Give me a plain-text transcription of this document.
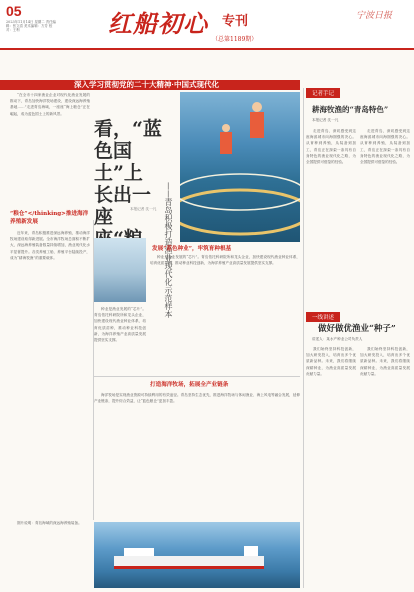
05
2023年11月14日 星期二 责任编辑：张文清 美术编辑：方芳 校对：王利	红船初心 专刊
（总第1189期）
宁波日报
深入学习贯彻党的二十大精神·中国式现代化
看，“蓝色国土”上长出一座	——青岛积极打造渔业现代化示范样本
本报记者 沈一凡

“在全市十四家渔业企业对现代化渔业发展的推动下，青岛加快海洋牧场建设，建设深远海养殖基地……”走进青岛海域，一座座“海上粮仓”正在崛起，成为蓝色国土上的新风景。

“粮仓”</thinking>推进海洋养殖新发展

近年来，青岛积极推进深远海养殖，推动海洋牧场建设取得新进展。全市海洋牧场总面积不断扩大，深远海养殖装备数量持续增加，渔业现代化水平显著提升。各类养殖工船、养殖平台陆续投产，成为“耕海牧渔”的重要载体。

发展“蓝色种业”，牢筑育种根基

种业是渔业发展的“芯片”。青岛依托科研院所和龙头企业，加快建设现代渔业种业体系，培育优质苗种，推动种业科技创新，为海洋养殖产业高质量发展提供坚实支撑。

种业是渔业发展的“芯片”。青岛依托科研院所和龙头企业，加快建设现代渔业种业体系，培育优质苗种，推动种业科技创新，为海洋养殖产业高质量发展提供坚实支撑。

打造海洋牧场，拓展全产业链条

海洋牧场是实现渔业资源可持续利用的有效途径。青岛坚持生态优先，推进海洋牧场与休闲渔业、海上风电等融合发展，延伸产业链条，提升综合效益，让“蓝色粮仓”更加丰盈。

图片说明：青岛海域的深远海养殖装备。

记者手记
耕海牧渔的“青岛特色”
本报记者 沈一凡

走进青岛，深切感受到这座海滨城市向海图强的决心。从育种到养殖，从装备到加工，青岛正在探索一条具有自身特色的渔业现代化之路，为全国提供可借鉴的经验。

走进青岛，深切感受到这座海滨城市向海图强的决心。从育种到养殖，从装备到加工，青岛正在探索一条具有自身特色的渔业现代化之路，为全国提供可借鉴的经验。

一线讲述
做好做优渔业“种子”
讲述人：某水产种业公司负责人

我们始终坚持科技创新，加大研发投入，培育出多个优质新品种。未来，我们将继续深耕种业，为渔业高质量发展贡献力量。

我们始终坚持科技创新，加大研发投入，培育出多个优质新品种。未来，我们将继续深耕种业，为渔业高质量发展贡献力量。
